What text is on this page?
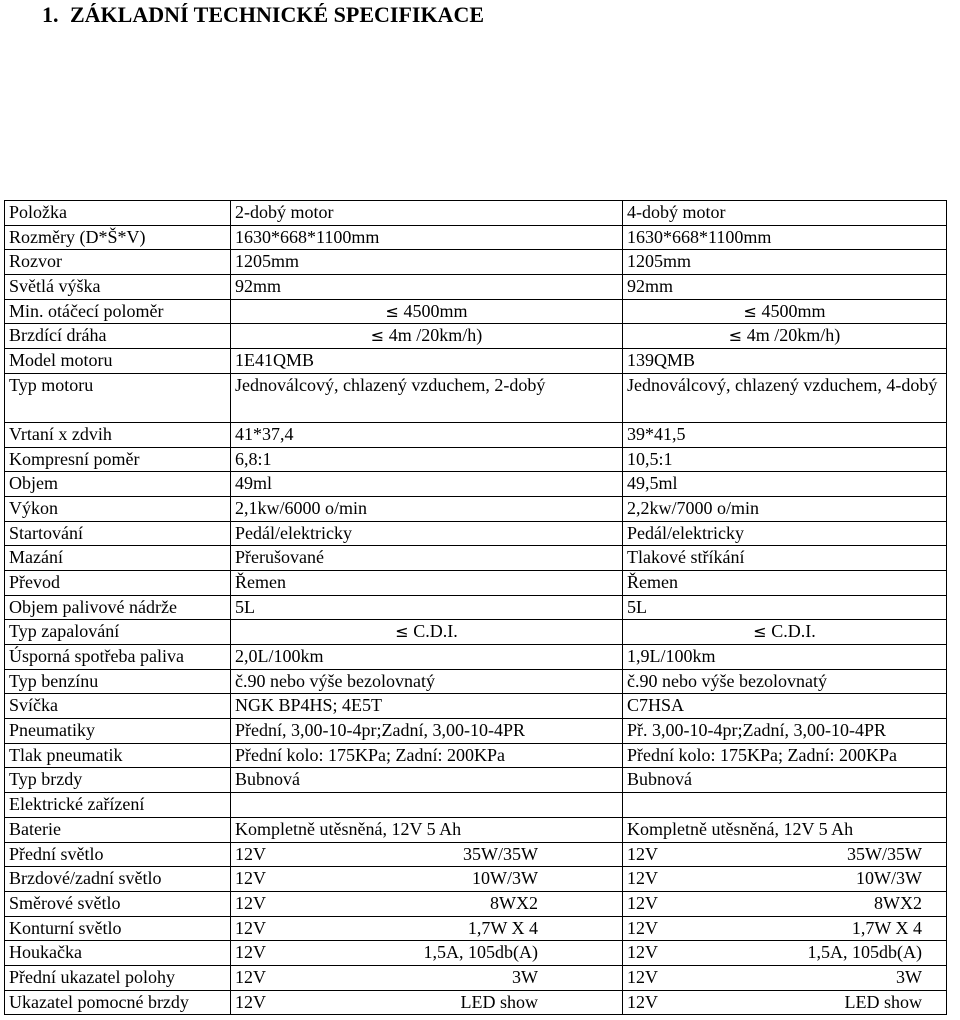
1. ZÁKLADNÍ TECHNICKÉ SPECIFIKACE
Položka	2-dobý motor	4-dobý motor
Rozměry (D*Š*V)	1630*668*1100mm	1630*668*1100mm
Rozvor	1205mm	1205mm
Světlá výška	92mm	92mm
Min. otáčecí poloměr	≤ 4500mm	≤ 4500mm
Brzdící dráha	≤ 4m /20km/h)	≤ 4m /20km/h)
Model motoru	1E41QMB	139QMB
Typ motoru	Jednoválcový, chlazený vzduchem, 2-dobý	Jednoválcový, chlazený vzduchem, 4-dobý
Vrtaní x zdvih	41*37,4	39*41,5
Kompresní poměr	6,8:1	10,5:1
Objem	49ml	49,5ml
Výkon	2,1kw/6000 o/min	2,2kw/7000 o/min
Startování	Pedál/elektricky	Pedál/elektricky
Mazání	Přerušované	Tlakové stříkání
Převod	Řemen	Řemen
Objem palivové nádrže	5L	5L
Typ zapalování	≤ C.D.I.	≤ C.D.I.
Úsporná spotřeba paliva	2,0L/100km	1,9L/100km
Typ benzínu	č.90 nebo výše bezolovnatý	č.90 nebo výše bezolovnatý
Svíčka	NGK BP4HS; 4E5T	C7HSA
Pneumatiky	Přední, 3,00-10-4pr;Zadní, 3,00-10-4PR	Př. 3,00-10-4pr;Zadní, 3,00-10-4PR
Tlak pneumatik	Přední kolo: 175KPa; Zadní: 200KPa	Přední kolo: 175KPa; Zadní: 200KPa
Typ brzdy	Bubnová	Bubnová
Elektrické zařízení		
Baterie	Kompletně utěsněná, 12V 5 Ah	Kompletně utěsněná, 12V 5 Ah
Přední světlo	12V 35W/35W	12V 35W/35W

Brzdové/zadní světlo	12V 10W/3W	12V 10W/3W

Směrové světlo	12V 8WX2	12V 8WX2

Konturní světlo	12V 1,7W X 4	12V 1,7W X 4

Houkačka	12V 1,5A, 105db(A)	12V 1,5A, 105db(A)

Přední ukazatel polohy	12V 3W	12V 3W

Ukazatel pomocné brzdy	12V LED show	12V LED show
